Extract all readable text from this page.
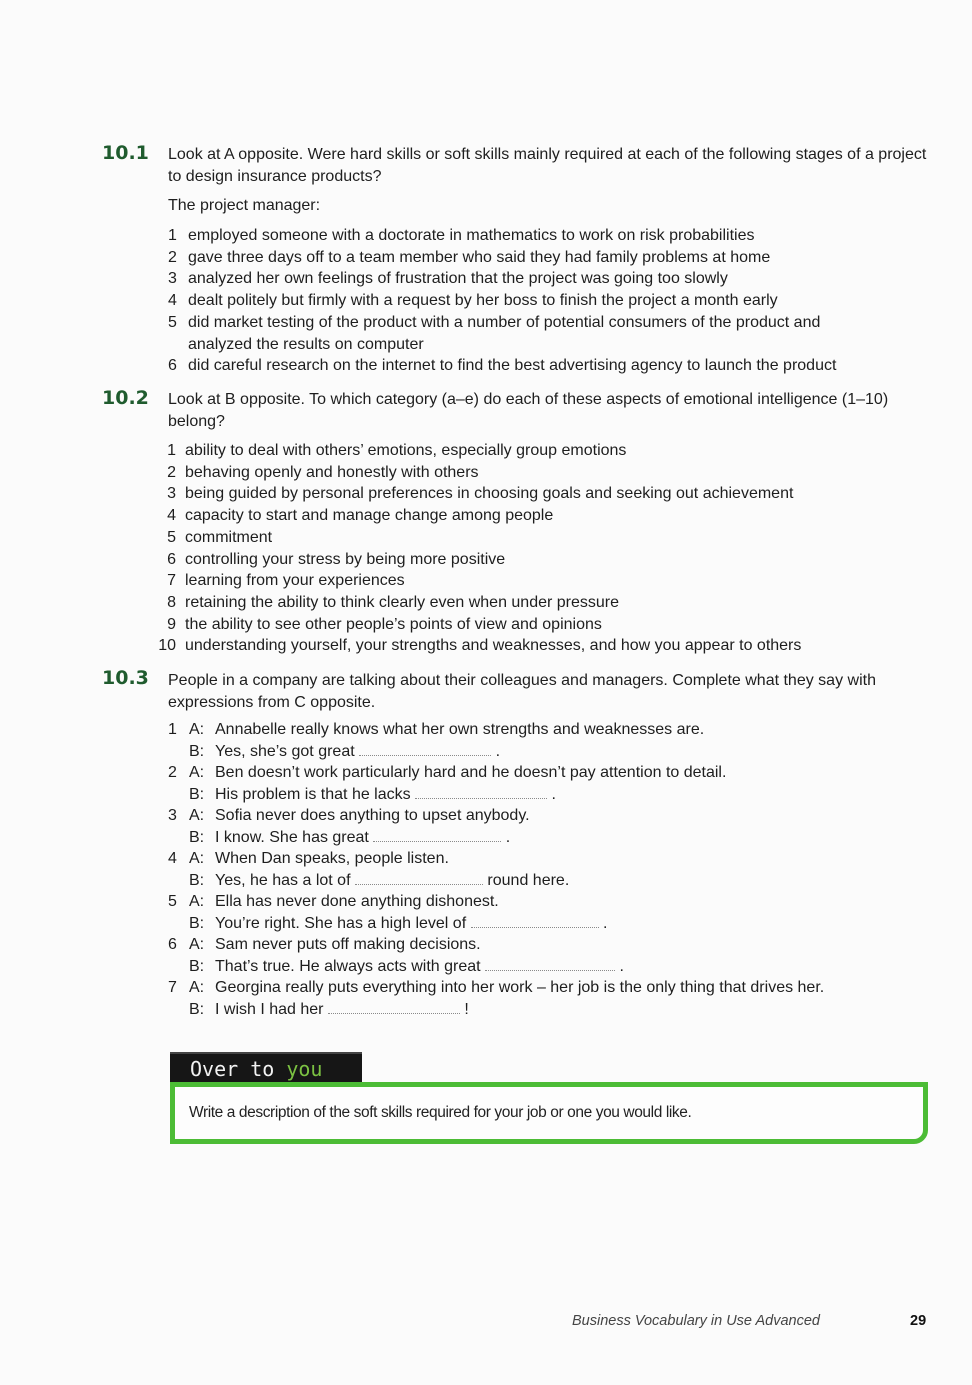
10.1	Look at A opposite. Were hard skills or soft skills mainly required at each of the following stages of a project to design insurance products?
The project manager:
1 employed someone with a doctorate in mathematics to work on risk probabilities
2 gave three days off to a team member who said they had family problems at home
3 analyzed her own feelings of frustration that the project was going too slowly
4 dealt politely but firmly with a request by her boss to finish the project a month early
5 did market testing of the product with a number of potential consumers of the product and analyzed the results on computer
6 did careful research on the internet to find the best advertising agency to launch the product
10.2	Look at B opposite. To which category (a–e) do each of these aspects of emotional intelligence (1–10) belong?
1 ability to deal with others’ emotions, especially group emotions
2 behaving openly and honestly with others
3 being guided by personal preferences in choosing goals and seeking out achievement
4 capacity to start and manage change among people
5 commitment
6 controlling your stress by being more positive
7 learning from your experiences
8 retaining the ability to think clearly even when under pressure
9 the ability to see other people’s points of view and opinions
10 understanding yourself, your strengths and weaknesses, and how you appear to others
10.3	People in a company are talking about their colleagues and managers. Complete what they say with expressions from C opposite.
1 A: Annabelle really knows what her own strengths and weaknesses are.
B: Yes, she’s got great	.
2 A: Ben doesn’t work particularly hard and he doesn’t pay attention to detail.
B: His problem is that he lacks	.
3 A: Sofia never does anything to upset anybody.
B: I know. She has great	.
4 A: When Dan speaks, people listen.
B: Yes, he has a lot of	round here.
5 A: Ella has never done anything dishonest.
B: You’re right. She has a high level of	.
6 A: Sam never puts off making decisions.
B: That’s true. He always acts with great	.
7 A: Georgina really puts everything into her work – her job is the only thing that drives her.
B: I wish I had her	!
Over to you
Write a description of the soft skills required for your job or one you would like.
Business Vocabulary in Use Advanced	29
